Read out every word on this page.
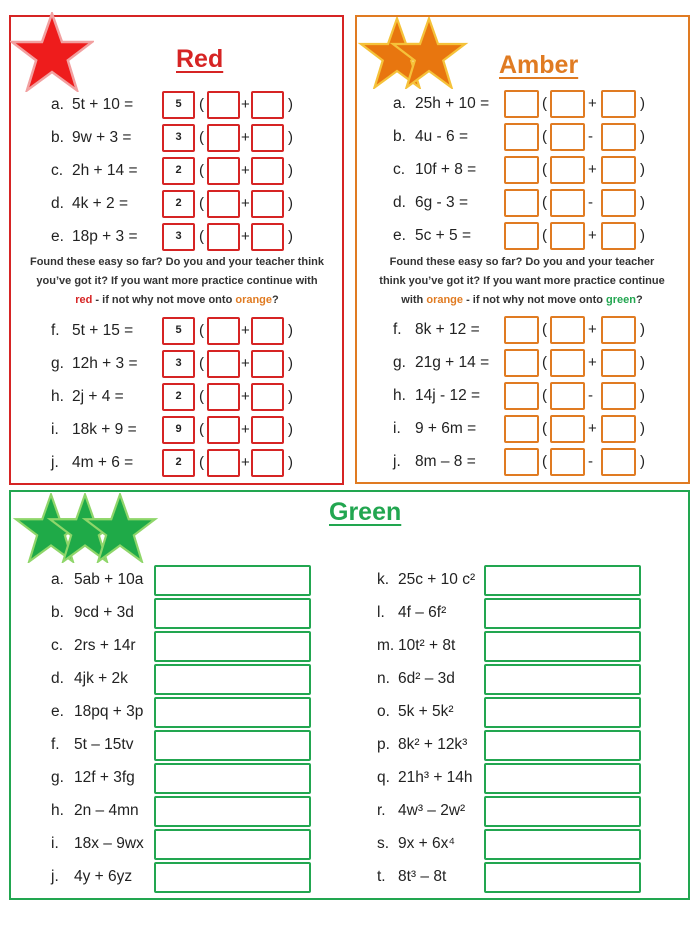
Red	Amber
Green
a. 5t + 10 =	5	( +	)
b. 9w + 3 =	3	( +	)
c. 2h + 14 =	2	( +	)
d. 4k + 2 =	2	( +	)
e. 18p + 3 =	3	( +	)
f. 5t + 15 =	5	( +	)
g. 12h + 3 =	3	( +	)
h. 2j + 4 =	2	( +	)
i. 18k + 9 =	9	( +	)
j. 4m + 6 =	2	( +	)
a. 25h + 10 =	(	+	)
b. 4u - 6 =	(	-	)
c. 10f + 8 =	(	+	)
d. 6g - 3 =	(	-	)
e. 5c + 5 =	(	+	)
f. 8k + 12 =	(	+	)
g. 21g + 14 =	(	+	)
h. 14j - 12 =	(	-	)
i. 9 + 6m =	(	+	)
j. 8m – 8 =	(	-	)
a. 5ab + 10a
b. 9cd + 3d
c. 2rs + 14r
d. 4jk + 2k
e. 18pq + 3p
f. 5t – 15tv
g. 12f + 3fg
h. 2n – 4mn
i. 18x – 9wx
j. 4y + 6yz
k. 25c + 10 c²
l. 4f – 6f²
m. 10t² + 8t
n. 6d² – 3d
o. 5k + 5k²
p. 8k² + 12k³
q. 21h³ + 14h
r. 4w³ – 2w²
s. 9x + 6x⁴
t. 8t³ – 8t
Found these easy so far? Do you and your teacher think
you’ve got it? If you want more practice continue with
red - if not why not move onto orange?
Found these easy so far? Do you and your teacher
think you’ve got it? If you want more practice continue
with orange - if not why not move onto green?
